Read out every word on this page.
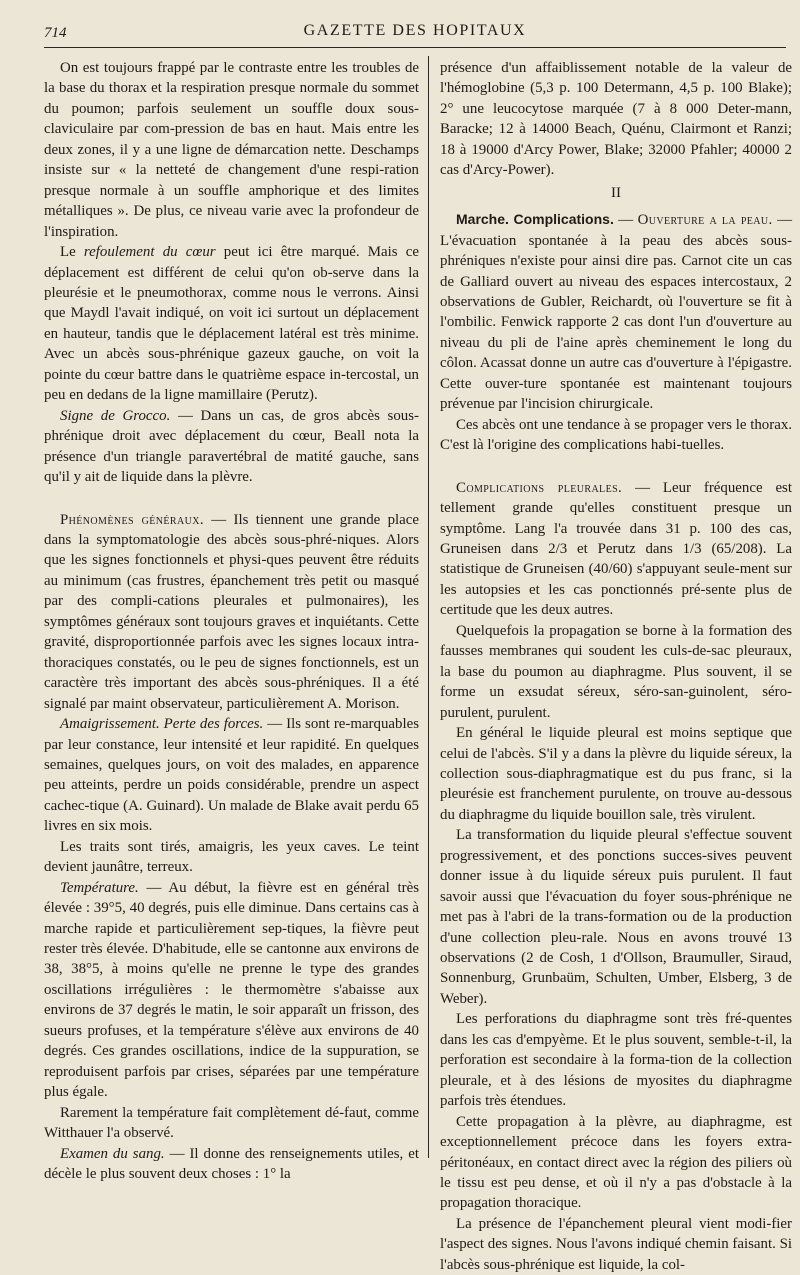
714	GAZETTE DES HOPITAUX

On est toujours frappé par le contraste entre les troubles de la base du thorax et la respiration presque normale du sommet du poumon; parfois seulement un souffle doux sous-claviculaire par com-pression de bas en haut. Mais entre les deux zones, il y a une ligne de démarcation nette. Deschamps insiste sur « la netteté de changement d'une respi-ration presque normale à un souffle amphorique et des limites métalliques ». De plus, ce niveau varie avec la profondeur de l'inspiration.

Le refoulement du cœur peut ici être marqué. Mais ce déplacement est différent de celui qu'on ob-serve dans la pleurésie et le pneumothorax, comme nous le verrons. Ainsi que Maydl l'avait indiqué, on voit ici surtout un déplacement en hauteur, tandis que le déplacement latéral est très minime. Avec un abcès sous-phrénique gazeux gauche, on voit la pointe du cœur battre dans le quatrième espace in-tercostal, un peu en dedans de la ligne mamillaire (Perutz).

Signe de Grocco. — Dans un cas, de gros abcès sous-phrénique droit avec déplacement du cœur, Beall nota la présence d'un triangle paravertébral de matité gauche, sans qu'il y ait de liquide dans la plèvre.

Phénomènes généraux. — Ils tiennent une grande place dans la symptomatologie des abcès sous-phré-niques. Alors que les signes fonctionnels et physi-ques peuvent être réduits au minimum (cas frustres, épanchement très petit ou masqué par des compli-cations pleurales et pulmonaires), les symptômes généraux sont toujours graves et inquiétants. Cette gravité, disproportionnée parfois avec les signes locaux intra-thoraciques constatés, ou le peu de signes fonctionnels, est un caractère très important des abcès sous-phréniques. Il a été signalé par maint observateur, particulièrement A. Morison.

Amaigrissement. Perte des forces. — Ils sont re-marquables par leur constance, leur intensité et leur rapidité. En quelques semaines, quelques jours, on voit des malades, en apparence peu atteints, perdre un poids considérable, prendre un aspect cachec-tique (A. Guinard). Un malade de Blake avait perdu 65 livres en six mois.

Les traits sont tirés, amaigris, les yeux caves. Le teint devient jaunâtre, terreux.

Température. — Au début, la fièvre est en général très élevée : 39°5, 40 degrés, puis elle diminue. Dans certains cas à marche rapide et particulièrement sep-tiques, la fièvre peut rester très élevée. D'habitude, elle se cantonne aux environs de 38, 38°5, à moins qu'elle ne prenne le type des grandes oscillations irrégulières : le thermomètre s'abaisse aux environs de 37 degrés le matin, le soir apparaît un frisson, des sueurs profuses, et la température s'élève aux environs de 40 degrés. Ces grandes oscillations, indice de la suppuration, se reproduisent parfois par crises, séparées par une température plus égale.

Rarement la température fait complètement dé-faut, comme Witthauer l'a observé.

Examen du sang. — Il donne des renseignements utiles, et décèle le plus souvent deux choses : 1° la

présence d'un affaiblissement notable de la valeur de l'hémoglobine (5,3 p. 100 Determann, 4,5 p. 100 Blake); 2° une leucocytose marquée (7 à 8 000 Deter-mann, Baracke; 12 à 14000 Beach, Quénu, Clairmont et Ranzi; 18 à 19000 d'Arcy Power, Blake; 32000 Pfahler; 40000 2 cas d'Arcy-Power).

II

Marche. Complications. — Ouverture a la peau. — L'évacuation spontanée à la peau des abcès sous-phréniques n'existe pour ainsi dire pas. Carnot cite un cas de Galliard ouvert au niveau des espaces intercostaux, 2 observations de Gubler, Reichardt, où l'ouverture se fit à l'ombilic. Fenwick rapporte 2 cas dont l'un d'ouverture au niveau du pli de l'aine après cheminement le long du côlon. Acassat donne un autre cas d'ouverture à l'épigastre. Cette ouver-ture spontanée est maintenant toujours prévenue par l'incision chirurgicale.

Ces abcès ont une tendance à se propager vers le thorax. C'est là l'origine des complications habi-tuelles.

Complications pleurales. — Leur fréquence est tellement grande qu'elles constituent presque un symptôme. Lang l'a trouvée dans 31 p. 100 des cas, Gruneisen dans 2/3 et Perutz dans 1/3 (65/208). La statistique de Gruneisen (40/60) s'appuyant seule-ment sur les autopsies et les cas ponctionnés pré-sente plus de certitude que les deux autres.

Quelquefois la propagation se borne à la formation des fausses membranes qui soudent les culs-de-sac pleuraux, la base du poumon au diaphragme. Plus souvent, il se forme un exsudat séreux, séro-san-guinolent, séro-purulent, purulent.

En général le liquide pleural est moins septique que celui de l'abcès. S'il y a dans la plèvre du liquide séreux, la collection sous-diaphragmatique est du pus franc, si la pleurésie est franchement purulente, on trouve au-dessous du diaphragme du liquide bouillon sale, très virulent.

La transformation du liquide pleural s'effectue souvent progressivement, et des ponctions succes-sives peuvent donner issue à du liquide séreux puis purulent. Il faut savoir aussi que l'évacuation du foyer sous-phrénique ne met pas à l'abri de la trans-formation ou de la production d'une collection pleu-rale. Nous en avons trouvé 13 observations (2 de Cosh, 1 d'Ollson, Braumuller, Siraud, Sonnenburg, Grunbaüm, Schulten, Umber, Elsberg, 3 de Weber).

Les perforations du diaphragme sont très fré-quentes dans les cas d'empyème. Et le plus souvent, semble-t-il, la perforation est secondaire à la forma-tion de la collection pleurale, et à des lésions de myosites du diaphragme parfois très étendues.

Cette propagation à la plèvre, au diaphragme, est exceptionnellement précoce dans les foyers extra-péritonéaux, en contact direct avec la région des piliers où le tissu est peu dense, et où il n'y a pas d'obstacle à la propagation thoracique.

La présence de l'épanchement pleural vient modi-fier l'aspect des signes. Nous l'avons indiqué chemin faisant. Si l'abcès sous-phrénique est liquide, la col-
